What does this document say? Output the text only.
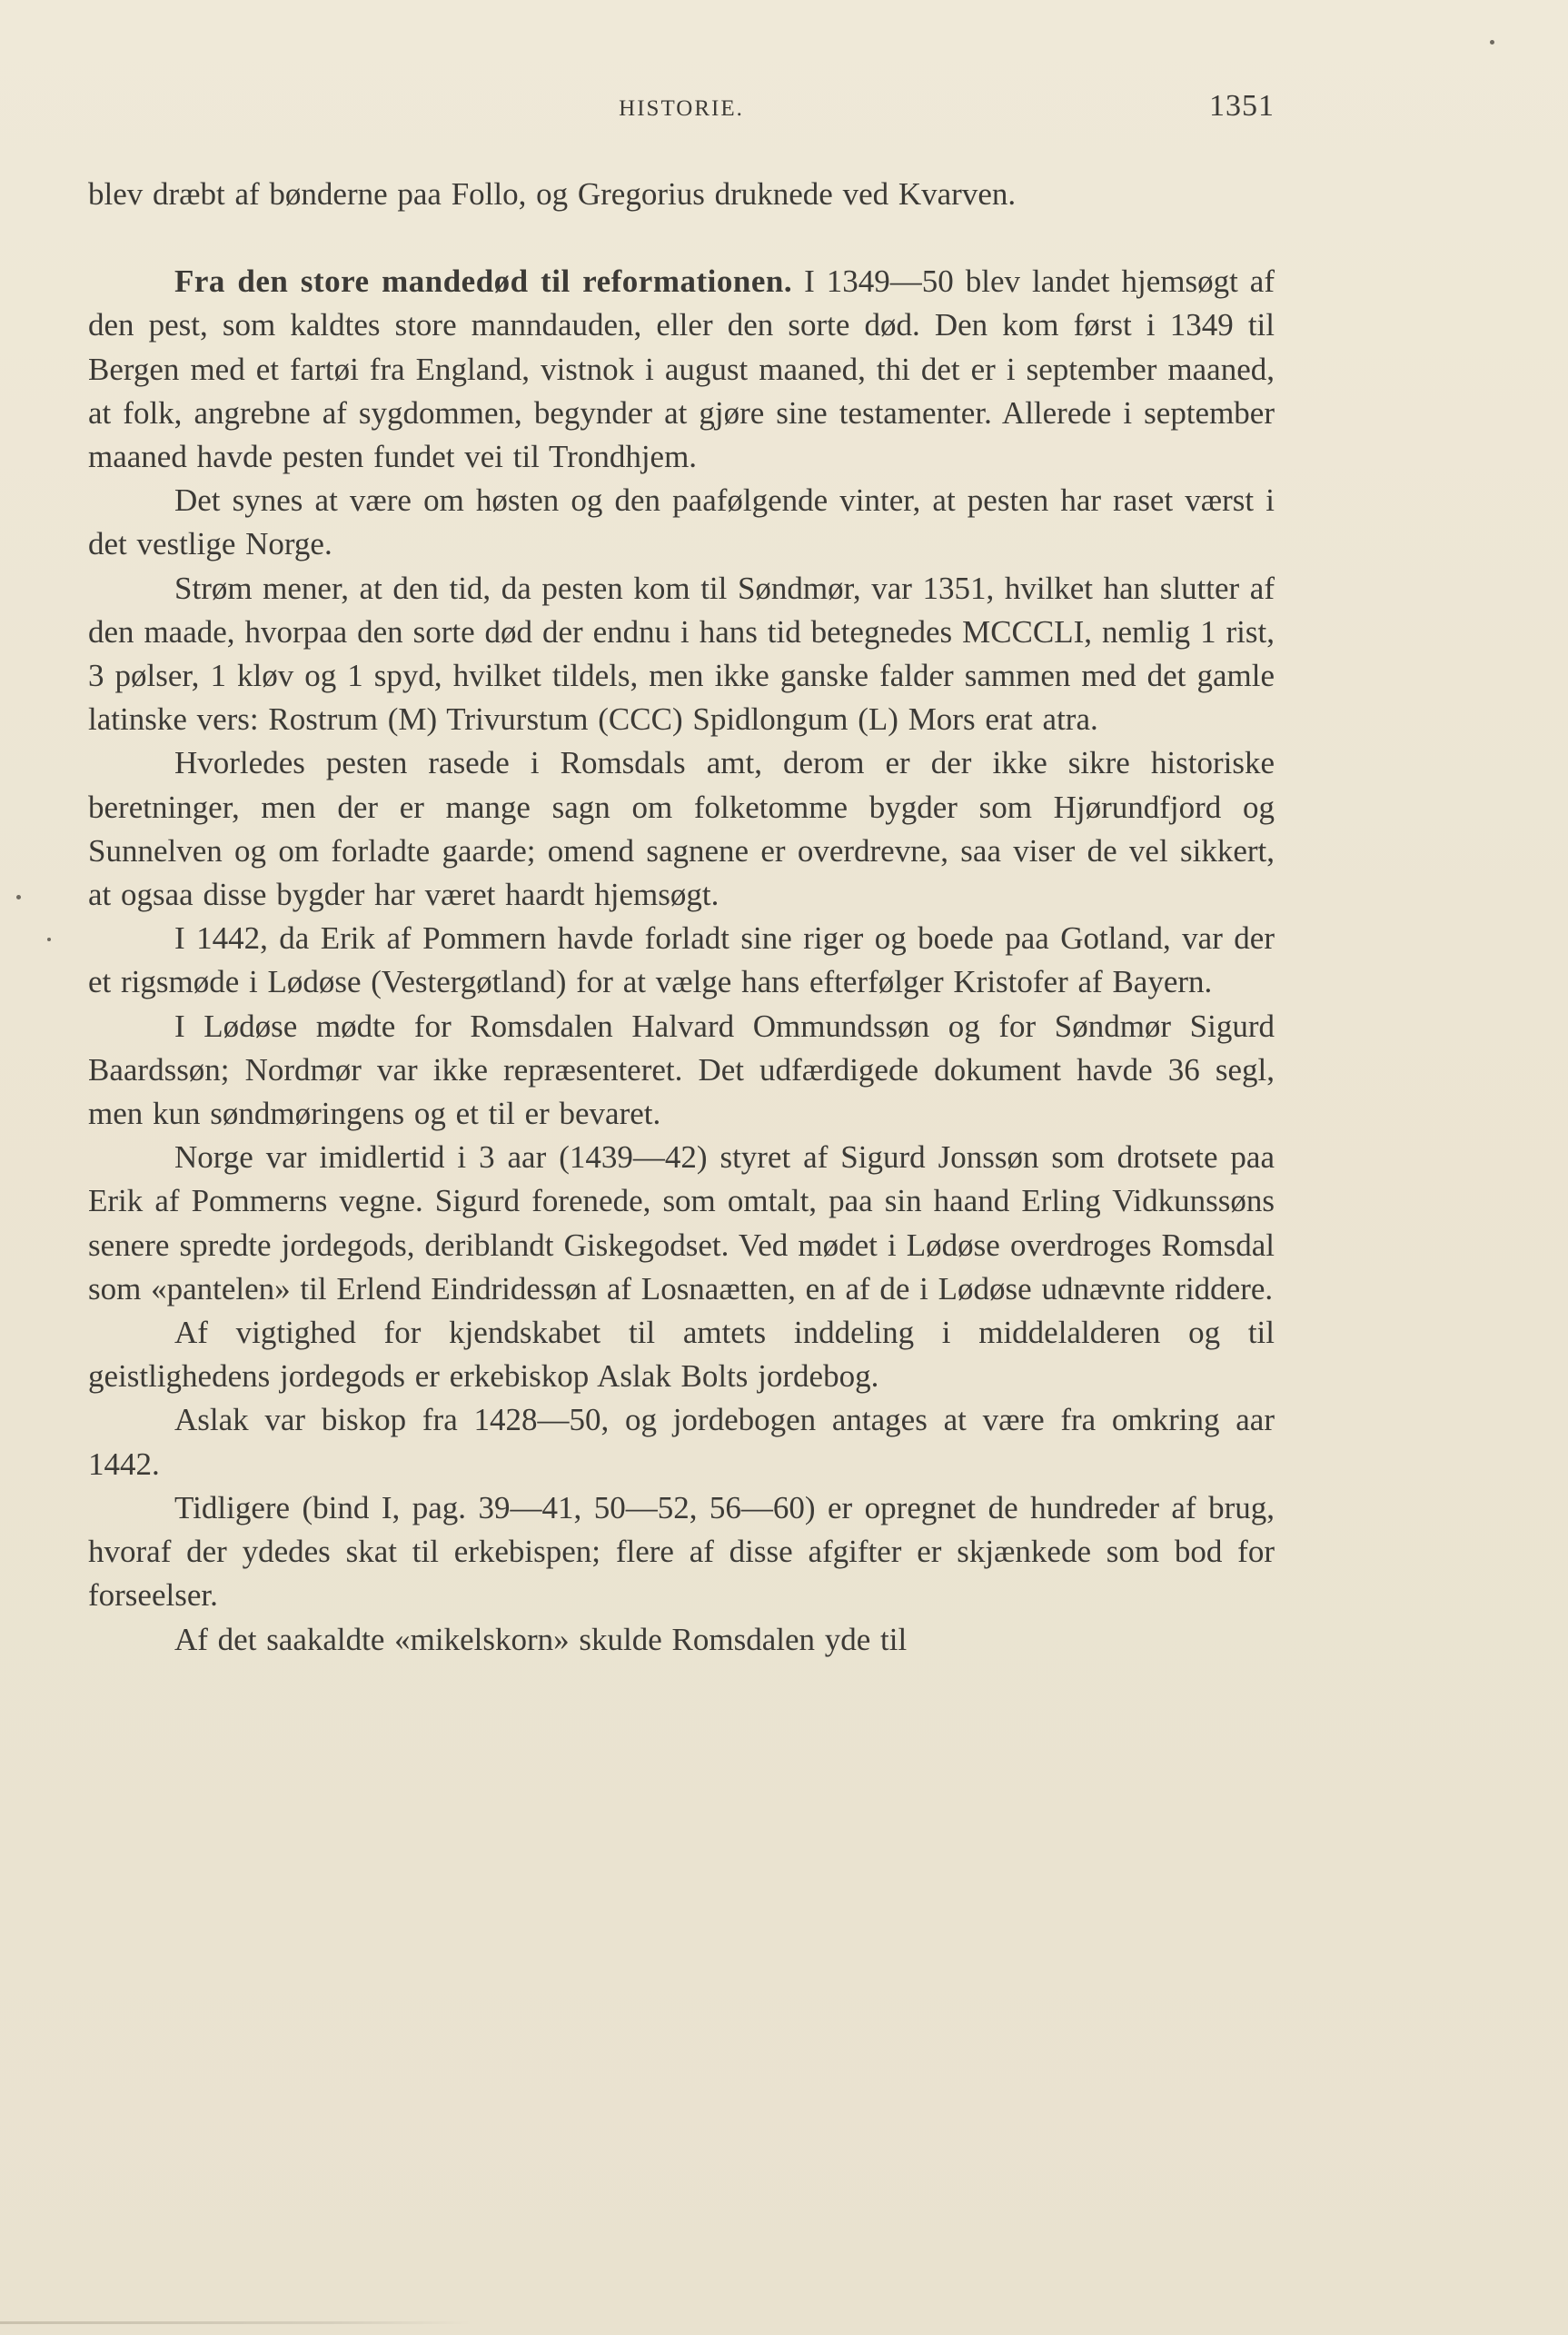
HISTORIE.	1351

blev dræbt af bønderne paa Follo, og Gregorius druknede ved Kvarven.

Fra den store mandedød til reformationen. I 1349—50 blev landet hjemsøgt af den pest, som kaldtes store manndauden, eller den sorte død. Den kom først i 1349 til Bergen med et fartøi fra England, vistnok i august maaned, thi det er i september maaned, at folk, angrebne af sygdommen, begynder at gjøre sine testamenter. Allerede i september maaned havde pesten fundet vei til Trondhjem.

Det synes at være om høsten og den paafølgende vinter, at pesten har raset værst i det vestlige Norge.

Strøm mener, at den tid, da pesten kom til Søndmør, var 1351, hvilket han slutter af den maade, hvorpaa den sorte død der endnu i hans tid betegnedes MCCCLI, nemlig 1 rist, 3 pølser, 1 kløv og 1 spyd, hvilket tildels, men ikke ganske falder sammen med det gamle latinske vers: Rostrum (M) Trivurstum (CCC) Spidlongum (L) Mors erat atra.

Hvorledes pesten rasede i Romsdals amt, derom er der ikke sikre historiske beretninger, men der er mange sagn om folketomme bygder som Hjørundfjord og Sunnelven og om forladte gaarde; omend sagnene er overdrevne, saa viser de vel sikkert, at ogsaa disse bygder har været haardt hjemsøgt.

I 1442, da Erik af Pommern havde forladt sine riger og boede paa Gotland, var der et rigsmøde i Lødøse (Vestergøtland) for at vælge hans efterfølger Kristofer af Bayern.

I Lødøse mødte for Romsdalen Halvard Ommundssøn og for Søndmør Sigurd Baardssøn; Nordmør var ikke repræsenteret. Det udfærdigede dokument havde 36 segl, men kun søndmøringens og et til er bevaret.

Norge var imidlertid i 3 aar (1439—42) styret af Sigurd Jonssøn som drotsete paa Erik af Pommerns vegne. Sigurd forenede, som omtalt, paa sin haand Erling Vidkunssøns senere spredte jordegods, deriblandt Giskegodset. Ved mødet i Lødøse overdroges Romsdal som «pantelen» til Erlend Eindridessøn af Losnaætten, en af de i Lødøse udnævnte riddere.

Af vigtighed for kjendskabet til amtets inddeling i middelalderen og til geistlighedens jordegods er erkebiskop Aslak Bolts jordebog.

Aslak var biskop fra 1428—50, og jordebogen antages at være fra omkring aar 1442.

Tidligere (bind I, pag. 39—41, 50—52, 56—60) er opregnet de hundreder af brug, hvoraf der ydedes skat til erkebispen; flere af disse afgifter er skjænkede som bod for forseelser.

Af det saakaldte «mikelskorn» skulde Romsdalen yde til
